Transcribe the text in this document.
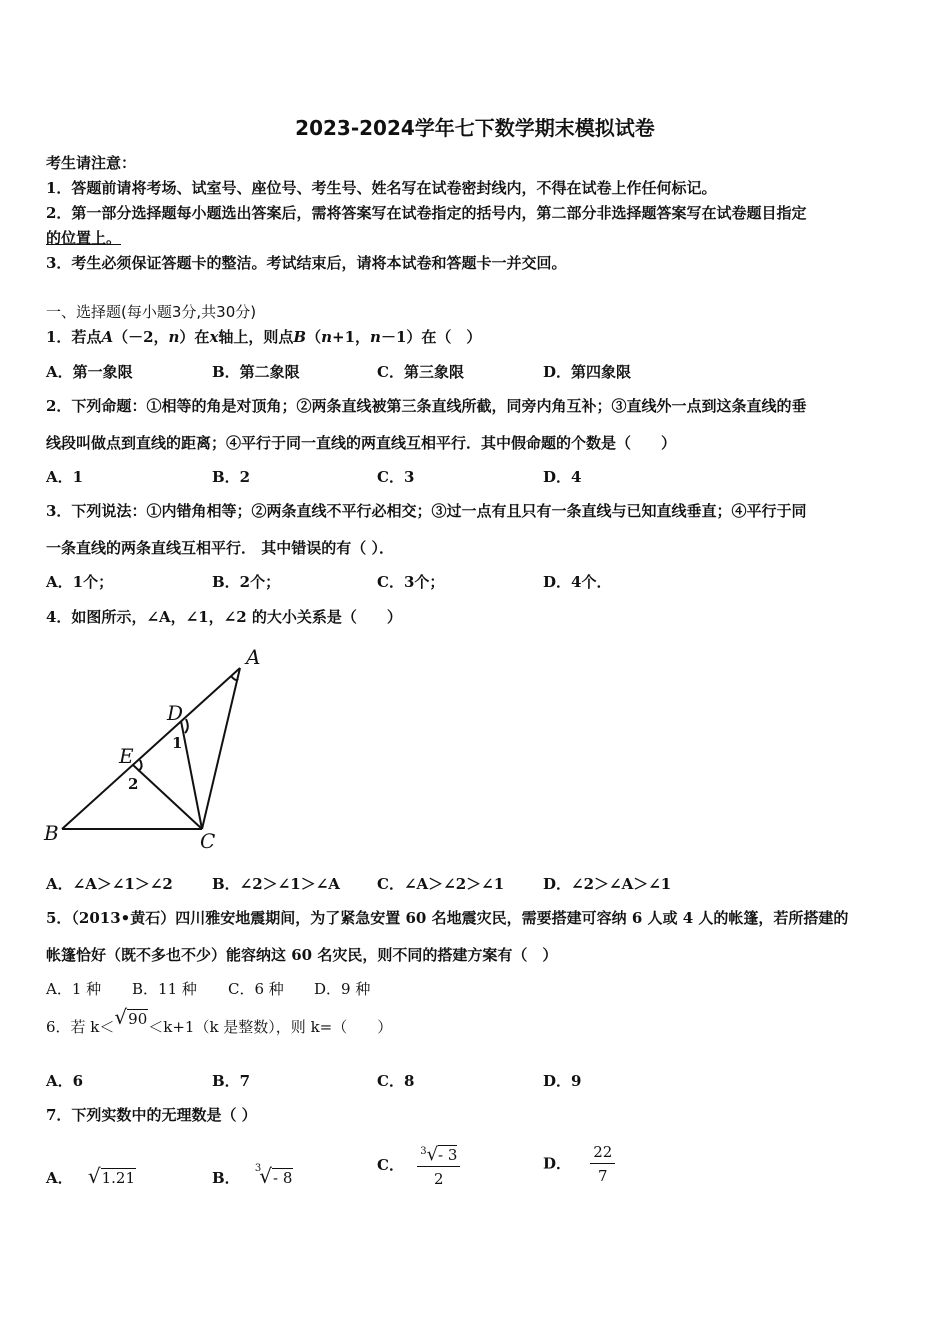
2023-2024学年七下数学期末模拟试卷
考生请注意：
1．答题前请将考场、试室号、座位号、考生号、姓名写在试卷密封线内，不得在试卷上作任何标记。
2．第一部分选择题每小题选出答案后，需将答案写在试卷指定的括号内，第二部分非选择题答案写在试卷题目指定
的位置上。
3．考生必须保证答题卡的整洁。考试结束后，请将本试卷和答题卡一并交回。
一、选择题(每小题3分,共30分)
1．若点A（－2，n）在x轴上，则点B（n+1，n－1）在（　）
A．第一象限	B．第二象限	C．第三象限	D．第四象限
2．下列命题：①相等的角是对顶角；②两条直线被第三条直线所截，同旁内角互补；③直线外一点到这条直线的垂
线段叫做点到直线的距离；④平行于同一直线的两直线互相平行．其中假命题的个数是（　　）
A．1	B．2	C．3	D．4
3．下列说法：①内错角相等；②两条直线不平行必相交；③过一点有且只有一条直线与已知直线垂直；④平行于同
一条直线的两条直线互相平行． 其中错误的有（ ）．
A．1个；	B．2个；	C．3个；	D．4个．
4．如图所示，∠A，∠1，∠2 的大小关系是（　　）
A
B	C
D
E
1
2
A．∠A＞∠1＞∠2	B．∠2＞∠1＞∠A C．∠A＞∠2＞∠1	D．∠2＞∠A＞∠1
5．（2013•黄石）四川雅安地震期间，为了紧急安置 60 名地震灾民，需要搭建可容纳 6 人或 4 人的帐篷，若所搭建的
帐篷恰好（既不多也不少）能容纳这 60 名灾民，则不同的搭建方案有（　）
A．1 种 B．11 种 C．6 种 D．9 种
6．若 k＜√90＜k+1（k 是整数），则 k=（　　）
A．6	B．7	C．8	D．9
7．下列实数中的无理数是（ ）
A． √1.21	B． $^3$√- 8
C． $\frac{^3√- 3}{2}$	D． $\frac{22}{7}$
